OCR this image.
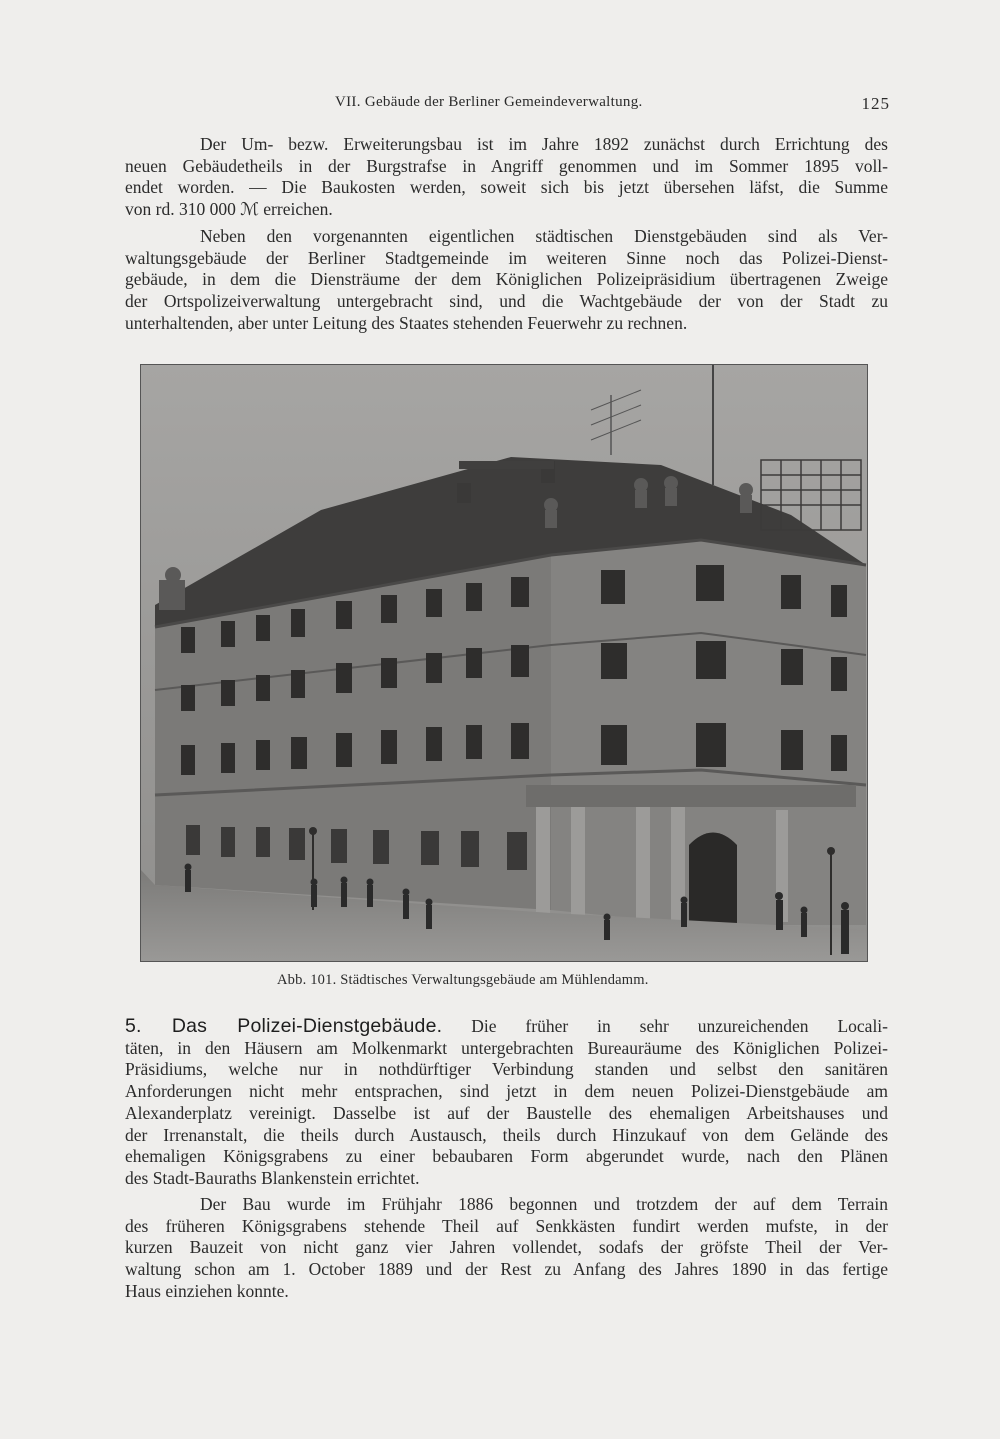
VII. Gebäude der Berliner Gemeindeverwaltung.	125

Der Um- bezw. Erweiterungsbau ist im Jahre 1892 zunächst durch Errichtung des
neuen Gebäudetheils in der Burgstrafse in Angriff genommen und im Sommer 1895 voll-
endet worden. — Die Baukosten werden, soweit sich bis jetzt übersehen läfst, die Summe
von rd. 310 000 ℳ erreichen.

Neben den vorgenannten eigentlichen städtischen Dienstgebäuden sind als Ver-
waltungsgebäude der Berliner Stadtgemeinde im weiteren Sinne noch das Polizei-Dienst-
gebäude, in dem die Diensträume der dem Königlichen Polizeipräsidium übertragenen Zweige
der Ortspolizeiverwaltung untergebracht sind, und die Wachtgebäude der von der Stadt zu
unterhaltenden, aber unter Leitung des Staates stehenden Feuerwehr zu rechnen.

Abb. 101. Städtisches Verwaltungsgebäude am Mühlendamm.

5. Das Polizei-Dienstgebäude. Die früher in sehr unzureichenden Locali-
täten, in den Häusern am Molkenmarkt untergebrachten Bureauräume des Königlichen Polizei-
Präsidiums, welche nur in nothdürftiger Verbindung standen und selbst den sanitären
Anforderungen nicht mehr entsprachen, sind jetzt in dem neuen Polizei-Dienstgebäude am
Alexanderplatz vereinigt. Dasselbe ist auf der Baustelle des ehemaligen Arbeitshauses und
der Irrenanstalt, die theils durch Austausch, theils durch Hinzukauf von dem Gelände des
ehemaligen Königsgrabens zu einer bebaubaren Form abgerundet wurde, nach den Plänen
des Stadt-Bauraths Blankenstein errichtet.

Der Bau wurde im Frühjahr 1886 begonnen und trotzdem der auf dem Terrain
des früheren Königsgrabens stehende Theil auf Senkkästen fundirt werden mufste, in der
kurzen Bauzeit von nicht ganz vier Jahren vollendet, sodafs der gröfste Theil der Ver-
waltung schon am 1. October 1889 und der Rest zu Anfang des Jahres 1890 in das fertige
Haus einziehen konnte.
